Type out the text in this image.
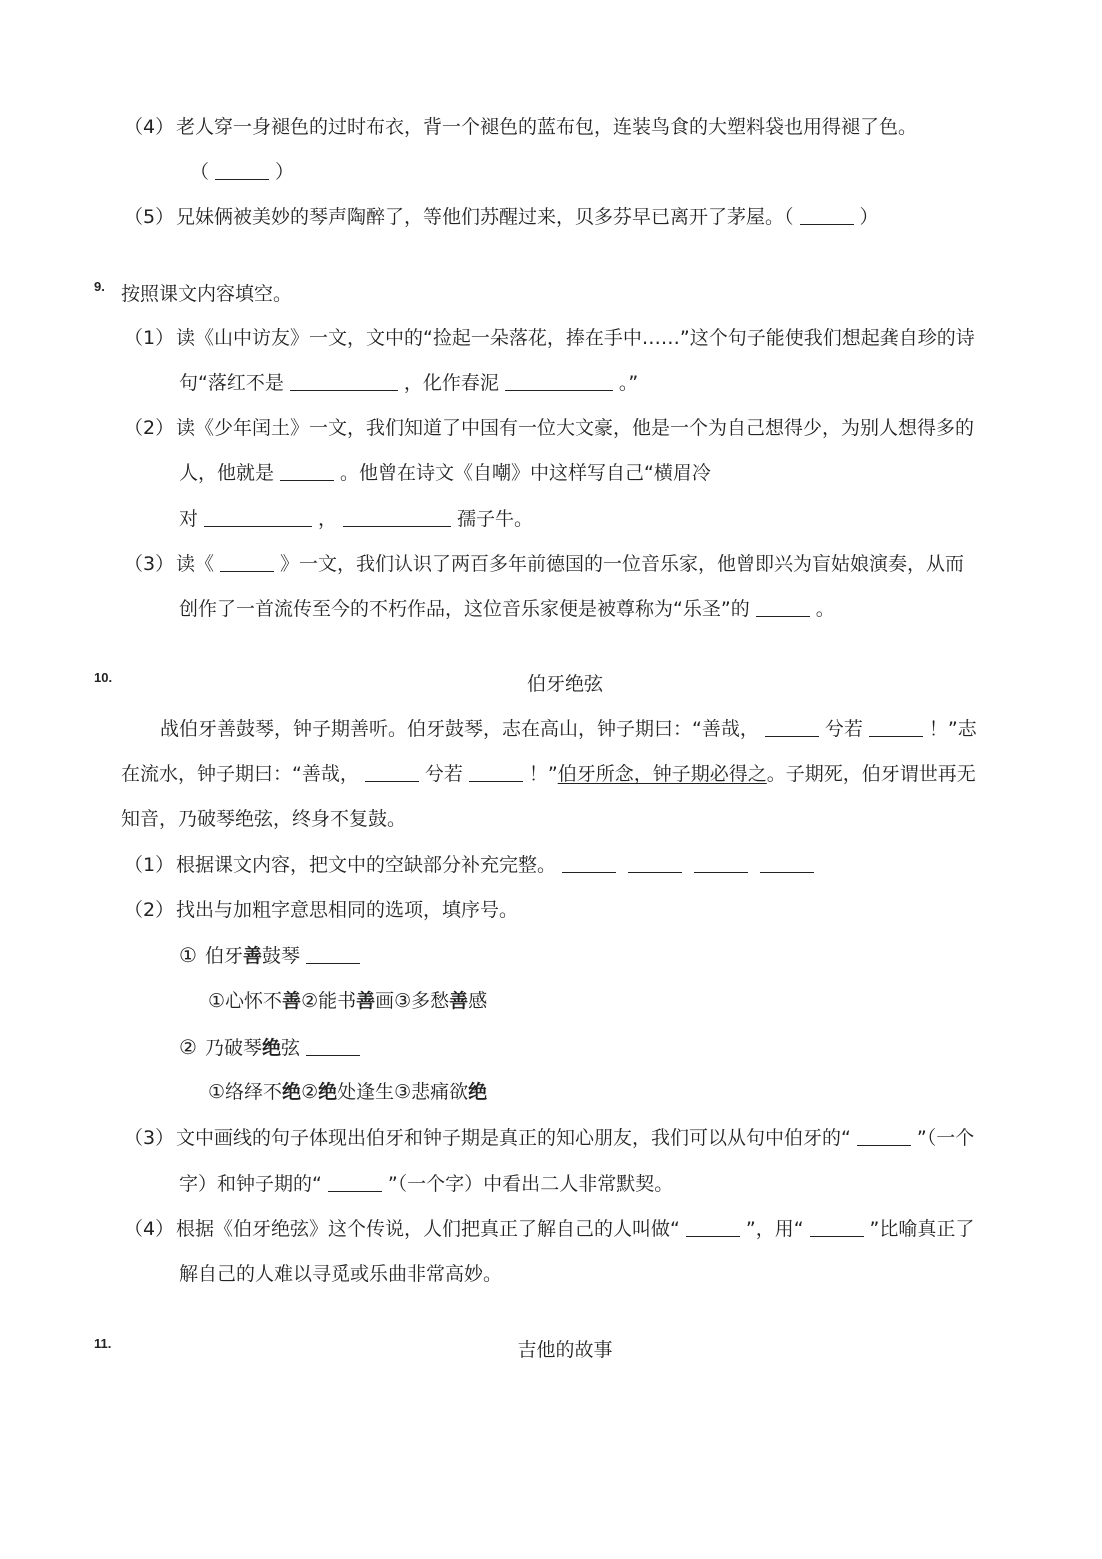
（4） 老人穿一身褪色的过时布衣，背一个褪色的蓝布包，连装鸟食的大塑料袋也用得褪了色。
（	）
（5） 兄妹俩被美妙的琴声陶醉了，等他们苏醒过来，贝多芬早已离开了茅屋。（	）
9. 按照课文内容填空。
（1） 读《山中访友》一文，文中的“捡起一朵落花，捧在手中……”这个句子能使我们想起龚自珍的诗
句“落红不是	，化作春泥	。”
（2） 读《少年闰土》一文，我们知道了中国有一位大文豪，他是一个为自己想得少，为别人想得多的
人，他就是	。他曾在诗文《自嘲》中这样写自己“横眉冷
对	，	孺子牛。
（3） 读《	》一文，我们认识了两百多年前德国的一位音乐家，他曾即兴为盲姑娘演奏，从而
创作了一首流传至今的不朽作品，这位音乐家便是被尊称为“乐圣”的	。
10.	伯牙绝弦
战伯牙善鼓琴，钟子期善听。伯牙鼓琴，志在高山，钟子期曰：“善哉，	兮若	！”志
在流水，钟子期曰：“善哉，	兮若	！”伯牙所念，钟子期必得之。子期死，伯牙谓世再无
知音，乃破琴绝弦，终身不复鼓。
（1） 根据课文内容，把文中的空缺部分补充完整。
（2） 找出与加粗字意思相同的选项，填序号。
① 伯牙善鼓琴
①心怀不善②能书善画③多愁善感
② 乃破琴绝弦
①络绎不绝②绝处逢生③悲痛欲绝
（3） 文中画线的句子体现出伯牙和钟子期是真正的知心朋友，我们可以从句中伯牙的“	”（一个
字）和钟子期的“	”（一个字）中看出二人非常默契。
（4） 根据《伯牙绝弦》这个传说，人们把真正了解自己的人叫做“	”，用“	”比喻真正了
解自己的人难以寻觅或乐曲非常高妙。
11.	吉他的故事
